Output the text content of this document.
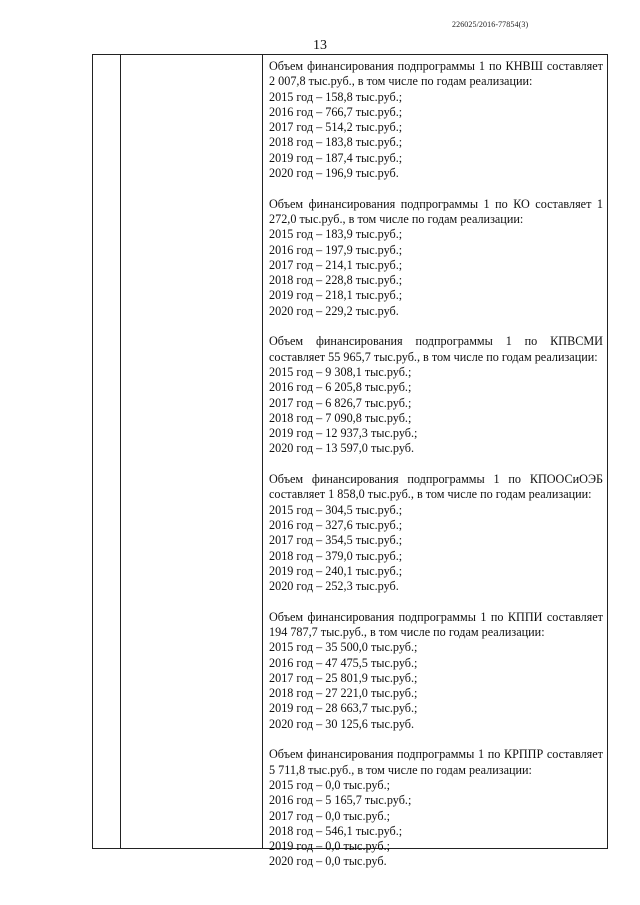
226025/2016-77854(3)
13
Объем финансирования подпрограммы 1 по КНВШ составляет 2 007,8 тыс.руб., в том числе по годам реализации:
2015 год – 158,8 тыс.руб.;
2016 год – 766,7 тыс.руб.;
2017 год – 514,2 тыс.руб.;
2018 год – 183,8 тыс.руб.;
2019 год – 187,4 тыс.руб.;
2020 год – 196,9 тыс.руб.
Объем финансирования подпрограммы 1 по КО составляет 1 272,0 тыс.руб., в том числе по годам реализации:
2015 год – 183,9 тыс.руб.;
2016 год – 197,9 тыс.руб.;
2017 год – 214,1 тыс.руб.;
2018 год – 228,8 тыс.руб.;
2019 год – 218,1 тыс.руб.;
2020 год – 229,2 тыс.руб.
Объем финансирования подпрограммы 1 по КПВСМИ составляет 55 965,7 тыс.руб., в том числе по годам реализации:
2015 год – 9 308,1 тыс.руб.;
2016 год – 6 205,8 тыс.руб.;
2017 год – 6 826,7 тыс.руб.;
2018 год – 7 090,8 тыс.руб.;
2019 год – 12 937,3 тыс.руб.;
2020 год – 13 597,0 тыс.руб.
Объем финансирования подпрограммы 1 по КПООСиОЭБ составляет 1 858,0 тыс.руб., в том числе по годам реализации:
2015 год – 304,5 тыс.руб.;
2016 год – 327,6 тыс.руб.;
2017 год – 354,5 тыс.руб.;
2018 год – 379,0 тыс.руб.;
2019 год – 240,1 тыс.руб.;
2020 год – 252,3 тыс.руб.
Объем финансирования подпрограммы 1 по КППИ составляет 194 787,7 тыс.руб., в том числе по годам реализации:
2015 год – 35 500,0 тыс.руб.;
2016 год – 47 475,5 тыс.руб.;
2017 год – 25 801,9 тыс.руб.;
2018 год – 27 221,0 тыс.руб.;
2019 год – 28 663,7 тыс.руб.;
2020 год – 30 125,6 тыс.руб.
Объем финансирования подпрограммы 1 по КРППР составляет 5 711,8 тыс.руб., в том числе по годам реализации:
2015 год – 0,0 тыс.руб.;
2016 год – 5 165,7 тыс.руб.;
2017 год – 0,0 тыс.руб.;
2018 год – 546,1 тыс.руб.;
2019 год – 0,0 тыс.руб.;
2020 год – 0,0 тыс.руб.
